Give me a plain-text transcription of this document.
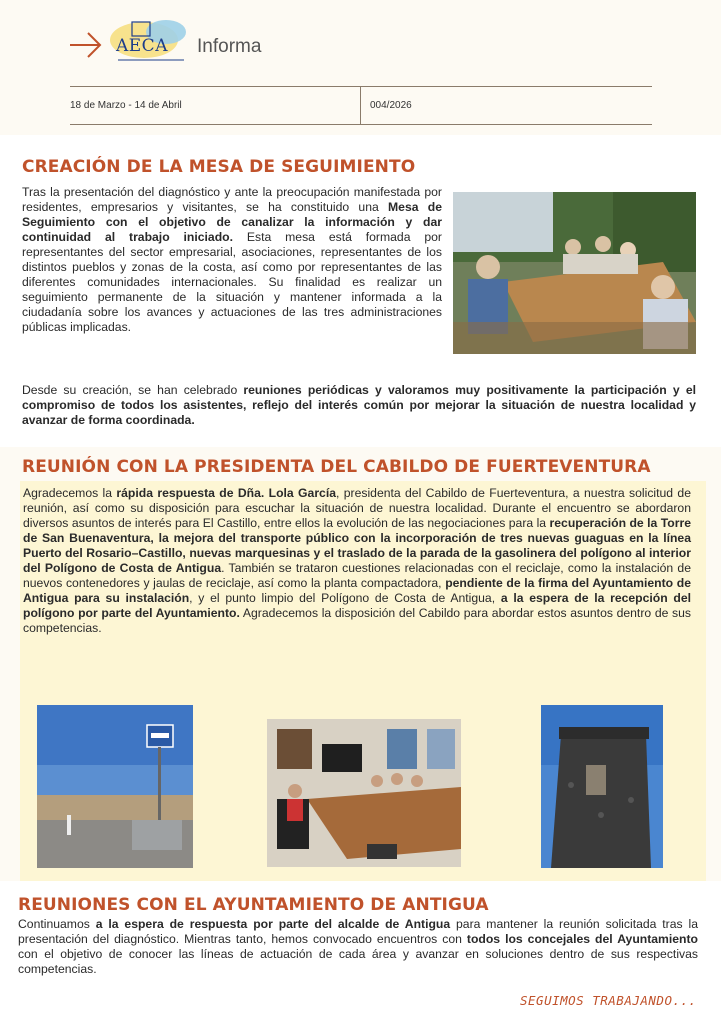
AECA Informa
18 de Marzo - 14 de Abril	004/2026
CREACIÓN DE LA MESA DE SEGUIMIENTO
Tras la presentación del diagnóstico y ante la preocupación manifestada por residentes, empresarios y visitantes, se ha constituido una Mesa de Seguimiento con el objetivo de canalizar la información y dar continuidad al trabajo iniciado. Esta mesa está formada por representantes del sector empresarial, asociaciones, representantes de los distintos pueblos y zonas de la costa, así como por representantes de las diferentes comunidades internacionales. Su finalidad es realizar un seguimiento permanente de la situación y mantener informada a la ciudadanía sobre los avances y actuaciones de las tres administraciones públicas implicadas.
Desde su creación, se han celebrado reuniones periódicas y valoramos muy positivamente la participación y el compromiso de todos los asistentes, reflejo del interés común por mejorar la situación de nuestra localidad y avanzar de forma coordinada.
REUNIÓN CON LA PRESIDENTA DEL CABILDO DE FUERTEVENTURA
Agradecemos la rápida respuesta de Dña. Lola García, presidenta del Cabildo de Fuerteventura, a nuestra solicitud de reunión, así como su disposición para escuchar la situación de nuestra localidad. Durante el encuentro se abordaron diversos asuntos de interés para El Castillo, entre ellos la evolución de las negociaciones para la recuperación de la Torre de San Buenaventura, la mejora del transporte público con la incorporación de tres nuevas guaguas en la línea Puerto del Rosario–Castillo, nuevas marquesinas y el traslado de la parada de la gasolinera del polígono al interior del Polígono de Costa de Antigua. También se trataron cuestiones relacionadas con el reciclaje, como la instalación de nuevos contenedores y jaulas de reciclaje, así como la planta compactadora, pendiente de la firma del Ayuntamiento de Antigua para su instalación, y el punto limpio del Polígono de Costa de Antigua, a la espera de la recepción del polígono por parte del Ayuntamiento. Agradecemos la disposición del Cabildo para abordar estos asuntos dentro de sus competencias.
REUNIONES CON EL AYUNTAMIENTO DE ANTIGUA
Continuamos a la espera de respuesta por parte del alcalde de Antigua para mantener la reunión solicitada tras la presentación del diagnóstico. Mientras tanto, hemos convocado encuentros con todos los concejales del Ayuntamiento con el objetivo de conocer las líneas de actuación de cada área y avanzar en soluciones dentro de sus respectivas competencias.
SEGUIMOS TRABAJANDO...
